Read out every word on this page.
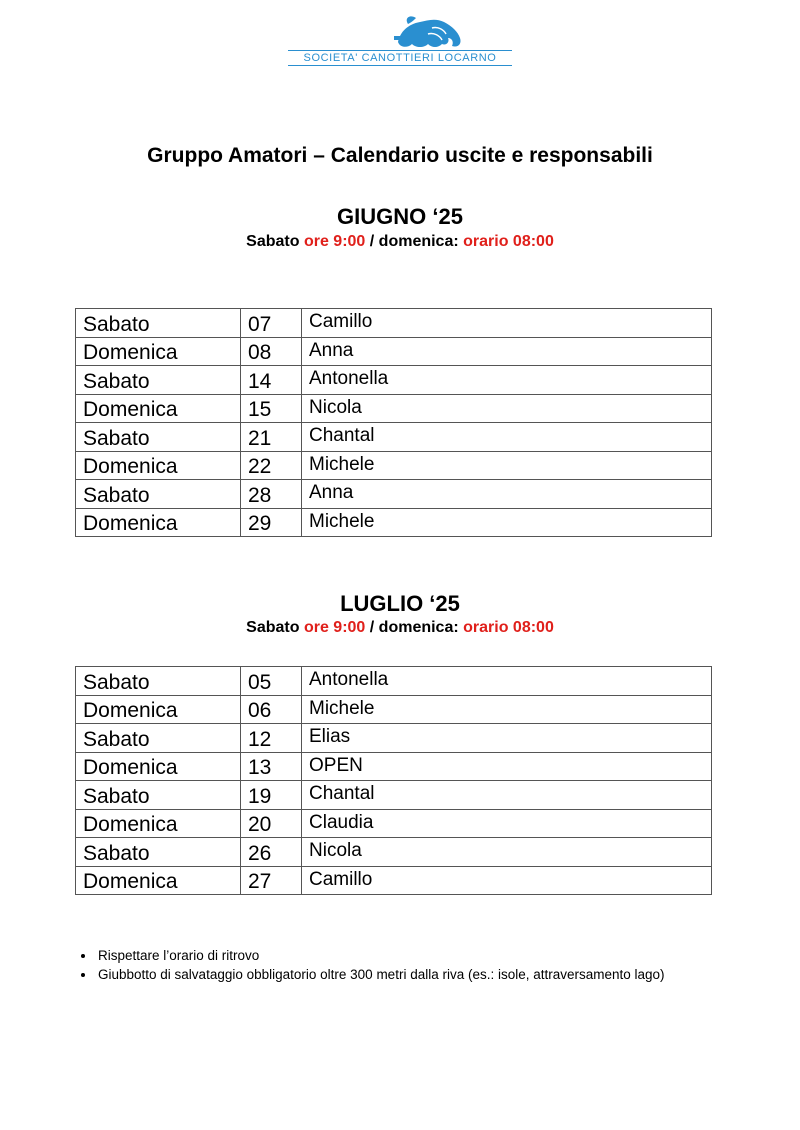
SOCIETA' CANOTTIERI LOCARNO
Gruppo Amatori – Calendario uscite e responsabili
GIUGNO ‘25
Sabato ore 9:00 / domenica: orario 08:00
Sabato	07	Camillo
Domenica	08	Anna
Sabato	14	Antonella
Domenica	15	Nicola
Sabato	21	Chantal
Domenica	22	Michele
Sabato	28	Anna
Domenica	29	Michele
LUGLIO ‘25
Sabato ore 9:00 / domenica: orario 08:00
Sabato	05	Antonella
Domenica	06	Michele
Sabato	12	Elias
Domenica	13	OPEN
Sabato	19	Chantal
Domenica	20	Claudia
Sabato	26	Nicola
Domenica	27	Camillo
• Rispettare l’orario di ritrovo
• Giubbotto di salvataggio obbligatorio oltre 300 metri dalla riva (es.: isole, attraversamento lago)
